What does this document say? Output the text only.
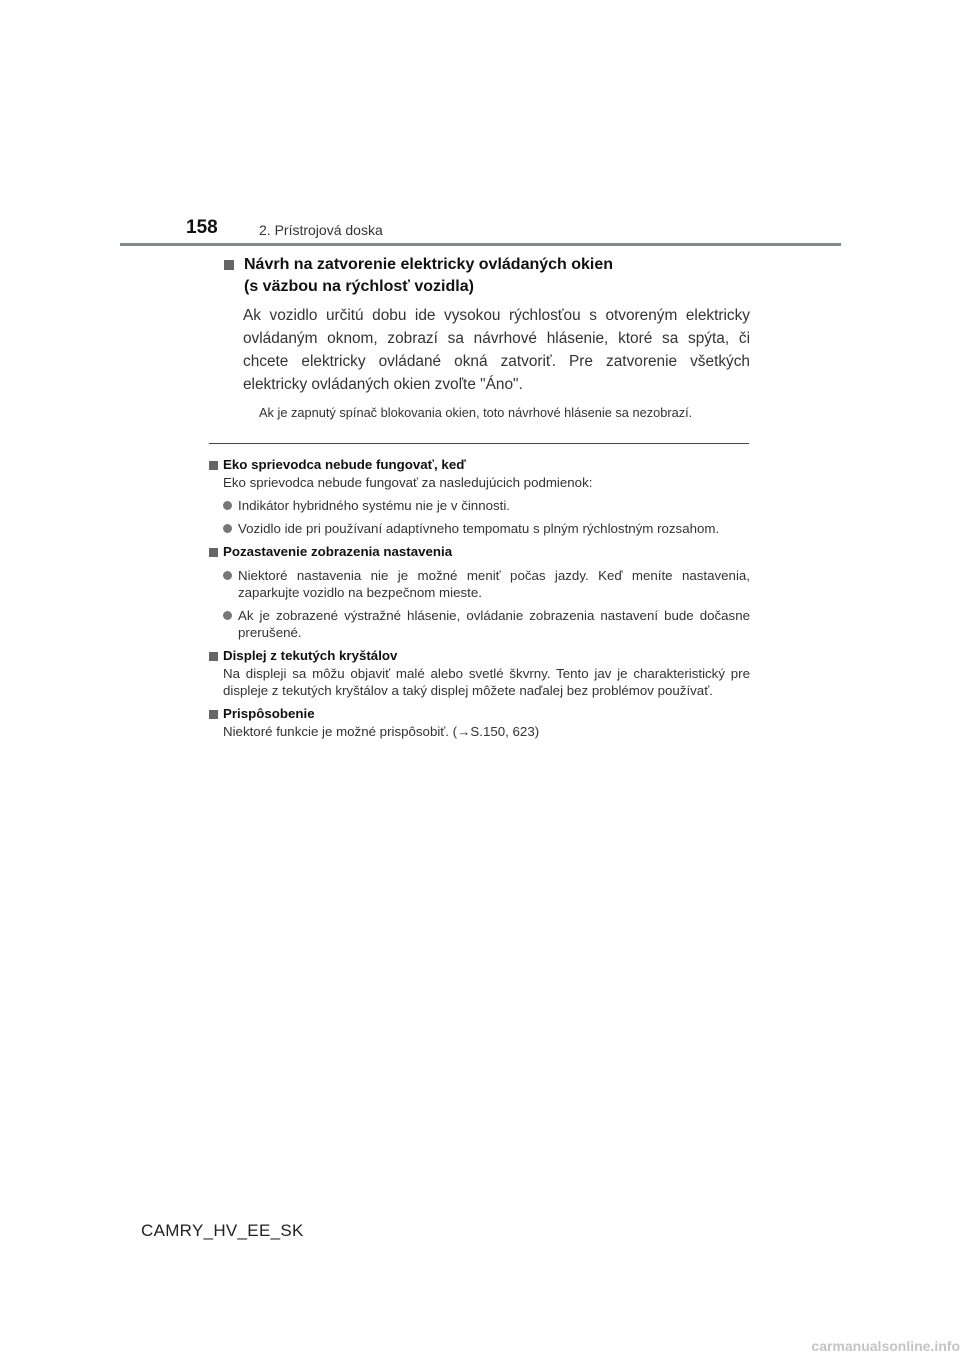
158	2. Prístrojová doska
Návrh na zatvorenie elektricky ovládaných okien
(s väzbou na rýchlosť vozidla)
Ak vozidlo určitú dobu ide vysokou rýchlosťou s otvoreným elektricky ovládaným oknom, zobrazí sa návrhové hlásenie, ktoré sa spýta, či chcete elektricky ovládané okná zatvoriť. Pre zatvorenie všetkých elektricky ovládaných okien zvoľte "Áno".
Ak je zapnutý spínač blokovania okien, toto návrhové hlásenie sa nezobrazí.
Eko sprievodca nebude fungovať, keď
Eko sprievodca nebude fungovať za nasledujúcich podmienok:
Indikátor hybridného systému nie je v činnosti.
Vozidlo ide pri používaní adaptívneho tempomatu s plným rýchlostným rozsahom.
Pozastavenie zobrazenia nastavenia
Niektoré nastavenia nie je možné meniť počas jazdy. Keď meníte nastavenia, zaparkujte vozidlo na bezpečnom mieste.
Ak je zobrazené výstražné hlásenie, ovládanie zobrazenia nastavení bude dočasne prerušené.
Displej z tekutých kryštálov
Na displeji sa môžu objaviť malé alebo svetlé škvrny. Tento jav je charakteristický pre displeje z tekutých kryštálov a taký displej môžete naďalej bez problémov používať.
Prispôsobenie
Niektoré funkcie je možné prispôsobiť. (→S.150, 623)
CAMRY_HV_EE_SK
carmanualsonline.info
